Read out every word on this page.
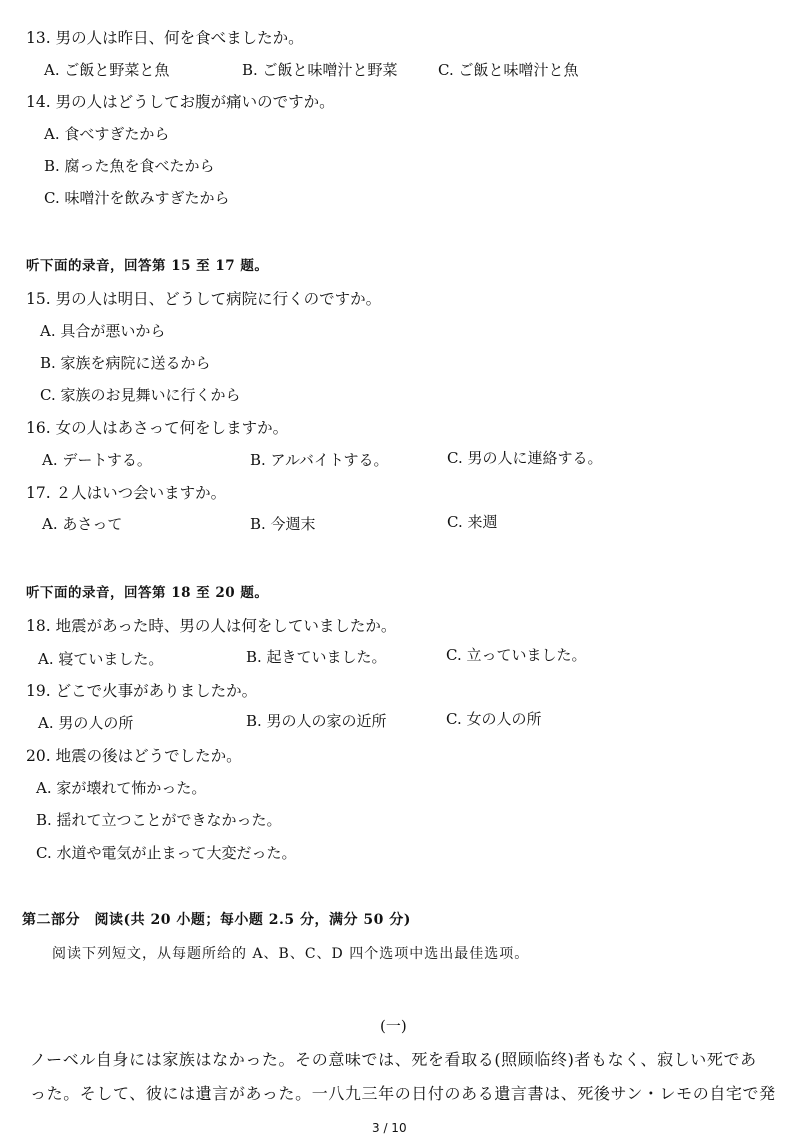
13. 男の人は昨日、何を食べましたか。
A. ご飯と野菜と魚	B. ご飯と味噌汁と野菜	C. ご飯と味噌汁と魚
14. 男の人はどうしてお腹が痛いのですか。
A. 食べすぎたから
B. 腐った魚を食べたから
C. 味噌汁を飲みすぎたから
听下面的录音，回答第 15 至 17 题。
15. 男の人は明日、どうして病院に行くのですか。
A. 具合が悪いから
B. 家族を病院に送るから
C. 家族のお見舞いに行くから
16. 女の人はあさって何をしますか。
A. デートする。	B. アルバイトする。	C. 男の人に連絡する。
17. ２人はいつ会いますか。
A. あさって	B. 今週末	C. 来週
听下面的录音，回答第 18 至 20 题。
18. 地震があった時、男の人は何をしていましたか。
A. 寝ていました。	B. 起きていました。	C. 立っていました。
19. どこで火事がありましたか。
A. 男の人の所	B. 男の人の家の近所	C. 女の人の所
20. 地震の後はどうでしたか。
A. 家が壊れて怖かった。
B. 揺れて立つことができなかった。
C. 水道や電気が止まって大変だった。
第二部分　阅读(共 20 小题；每小题 2.5 分，满分 50 分)
阅读下列短文，从每题所给的 A、B、C、D 四个选项中选出最佳选项。
(一)
ノーベル自身には家族はなかった。その意味では、死を看取る(照顾临终)者もなく、寂しい死であ
った。そして、彼には遺言があった。一八九三年の日付のある遺言書は、死後サン・レモの自宅で発
3 / 10
